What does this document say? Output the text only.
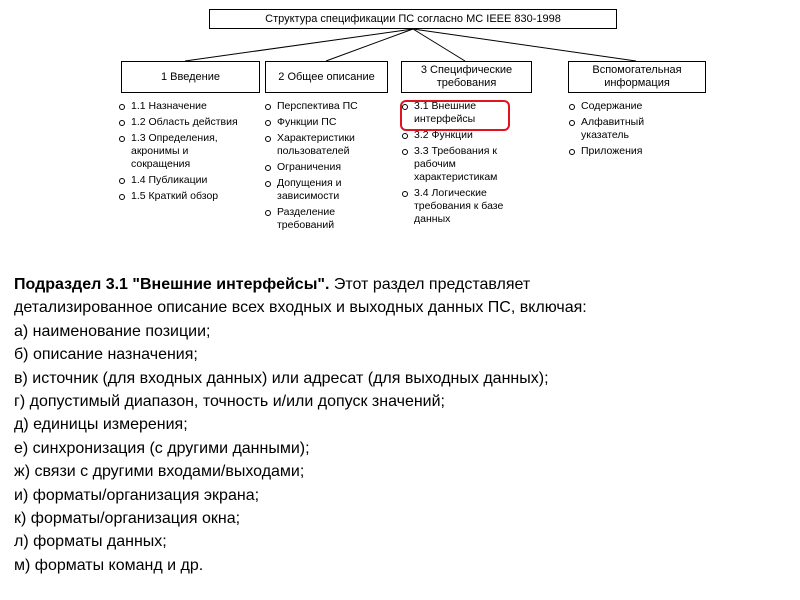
Структура спецификации ПС согласно МС IEEE 830-1998
1 Введение	2 Общее описание
3 Специфические требования
Вспомогательная информация
1.1 Назначение
1.2 Область действия
1.3 Определения, акронимы и сокращения
1.4 Публикации
1.5 Краткий обзор
Перспектива ПС
Функции ПС
Характеристики пользователей
Ограничения
Допущения и зависимости
Разделение требований
3.1 Внешние интерфейсы
3.2 Функции
3.3 Требования к рабочим характеристикам
3.4 Логические требования к базе данных
Содержание
Алфавитный указатель
Приложения
Подраздел 3.1 "Внешние интерфейсы". Этот раздел представляет
детализированное описание всех входных и выходных данных ПС, включая:
а) наименование позиции;
б) описание назначения;
в) источник (для входных данных) или адресат (для выходных данных);
г) допустимый диапазон, точность и/или допуск значений;
д) единицы измерения;
е) синхронизация (с другими данными);
ж) связи с другими входами/выходами;
и) форматы/организация экрана;
к) форматы/организация окна;
л) форматы данных;
м) форматы команд и др.
